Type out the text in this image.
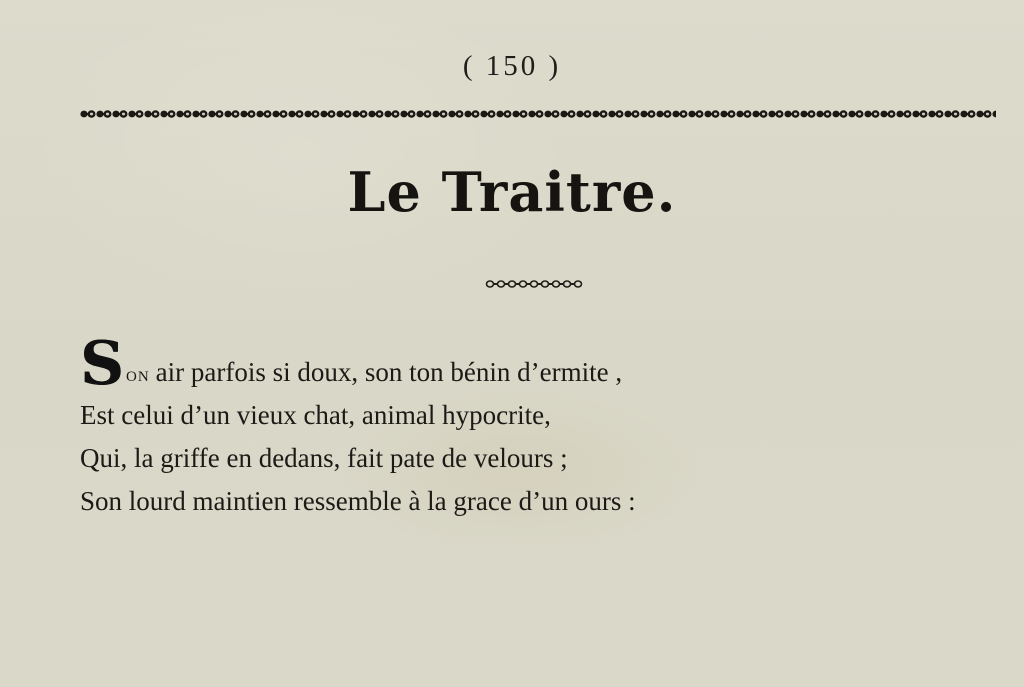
( 150 )
Le Traitre.
S on air parfois si doux, son ton bénin d’ermite ,
Est celui d’un vieux chat, animal hypocrite,
Qui, la griffe en dedans, fait pate de velours ;
Son lourd maintien ressemble à la grace d’un ours :
